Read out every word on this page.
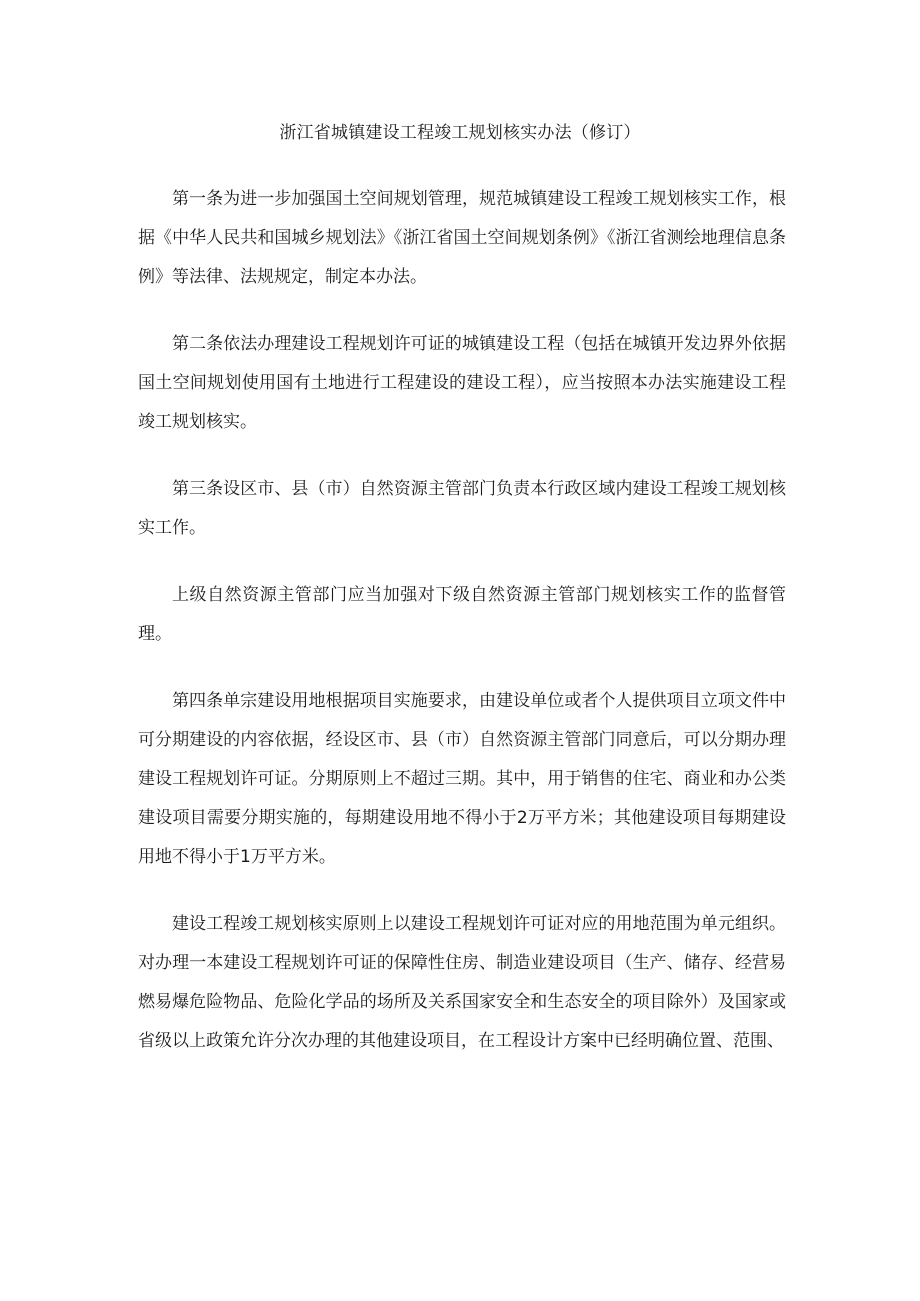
浙江省城镇建设工程竣工规划核实办法（修订）

第一条为进一步加强国土空间规划管理，规范城镇建设工程竣工规划核实工作，根据《中华人民共和国城乡规划法》《浙江省国土空间规划条例》《浙江省测绘地理信息条例》等法律、法规规定，制定本办法。

第二条依法办理建设工程规划许可证的城镇建设工程（包括在城镇开发边界外依据国土空间规划使用国有土地进行工程建设的建设工程），应当按照本办法实施建设工程竣工规划核实。

第三条设区市、县（市）自然资源主管部门负责本行政区域内建设工程竣工规划核实工作。

上级自然资源主管部门应当加强对下级自然资源主管部门规划核实工作的监督管理。

第四条单宗建设用地根据项目实施要求，由建设单位或者个人提供项目立项文件中可分期建设的内容依据，经设区市、县（市）自然资源主管部门同意后，可以分期办理建设工程规划许可证。分期原则上不超过三期。其中，用于销售的住宅、商业和办公类建设项目需要分期实施的，每期建设用地不得小于2万平方米；其他建设项目每期建设用地不得小于1万平方米。

建设工程竣工规划核实原则上以建设工程规划许可证对应的用地范围为单元组织。对办理一本建设工程规划许可证的保障性住房、制造业建设项目（生产、储存、经营易燃易爆危险物品、危险化学品的场所及关系国家安全和生态安全的项目除外）及国家或省级以上政策允许分次办理的其他建设项目，在工程设计方案中已经明确位置、范围、
